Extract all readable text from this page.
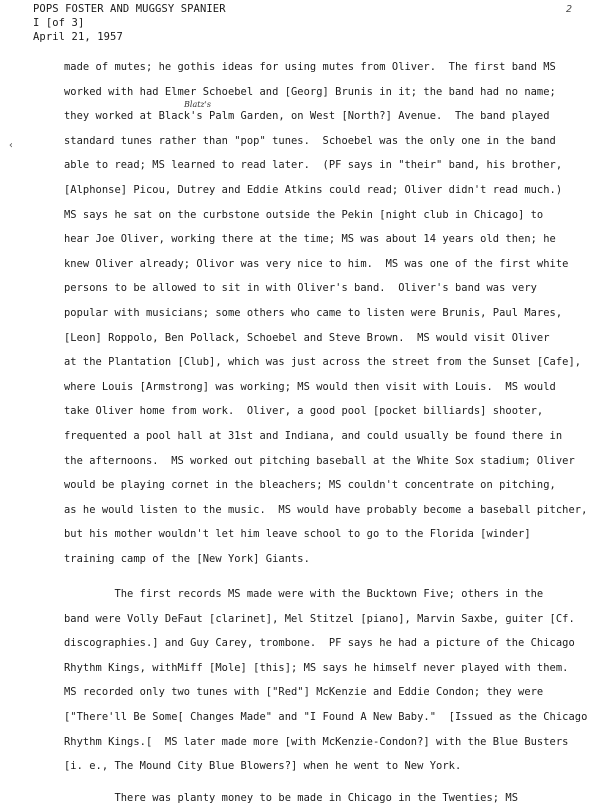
POPS FOSTER AND MUGGSY SPANIER
I [of 3]
April 21, 1957
2
‹
Blatz's
made of mutes; he gothis ideas for using mutes from Oliver.  The first band MS
worked with had Elmer Schoebel and [Georg] Brunis in it; the band had no name;
they worked at Black's Palm Garden, on West [North?] Avenue.  The band played
standard tunes rather than "pop" tunes.  Schoebel was the only one in the band
able to read; MS learned to read later.  (PF says in "their" band, his brother,
[Alphonse] Picou, Dutrey and Eddie Atkins could read; Oliver didn't read much.)
MS says he sat on the curbstone outside the Pekin [night club in Chicago] to
hear Joe Oliver, working there at the time; MS was about 14 years old then; he
knew Oliver already; Olivor was very nice to him.  MS was one of the first white
persons to be allowed to sit in with Oliver's band.  Oliver's band was very
popular with musicians; some others who came to listen were Brunis, Paul Mares,
[Leon] Roppolo, Ben Pollack, Schoebel and Steve Brown.  MS would visit Oliver
at the Plantation [Club], which was just across the street from the Sunset [Cafe],
where Louis [Armstrong] was working; MS would then visit with Louis.  MS would
take Oliver home from work.  Oliver, a good pool [pocket billiards] shooter,
frequented a pool hall at 31st and Indiana, and could usually be found there in
the afternoons.  MS worked out pitching baseball at the White Sox stadium; Oliver
would be playing cornet in the bleachers; MS couldn't concentrate on pitching,
as he would listen to the music.  MS would have probably become a baseball pitcher,
but his mother wouldn't let him leave school to go to the Florida [winder]
training camp of the [New York] Giants.
The first records MS made were with the Bucktown Five; others in the
band were Volly DeFaut [clarinet], Mel Stitzel [piano], Marvin Saxbe, guiter [Cf.
discographies.] and Guy Carey, trombone.  PF says he had a picture of the Chicago
Rhythm Kings, withMiff [Mole] [this]; MS says he himself never played with them.
MS recorded only two tunes with ["Red"] McKenzie and Eddie Condon; they were
["There'll Be Some[ Changes Made" and "I Found A New Baby."  [Issued as the Chicago
Rhythm Kings.[  MS later made more [with McKenzie-Condon?] with the Blue Busters
[i. e., The Mound City Blue Blowers?] when he went to New York.
There was planty money to be made in Chicago in the Twenties; MS
